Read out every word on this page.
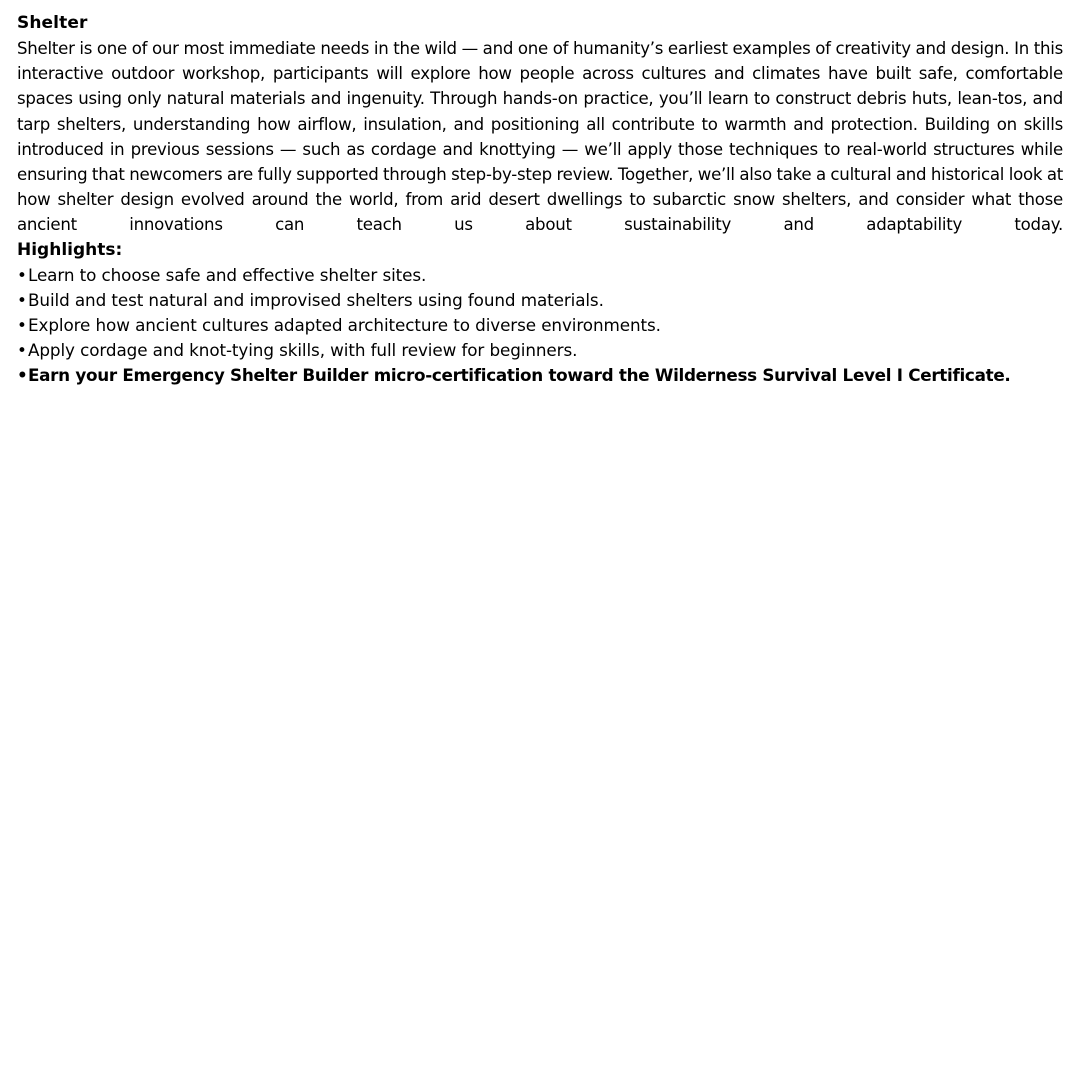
Shelter

Shelter is one of our most immediate needs in the wild — and one of humanity’s earliest examples of creativity and design. In this interactive outdoor workshop, participants will explore how people across cultures and climates have built safe, comfortable spaces using only natural materials and ingenuity. Through hands-on practice, you’ll learn to construct debris huts, lean-tos, and tarp shelters, understanding how airflow, insulation, and positioning all contribute to warmth and protection. Building on skills introduced in previous sessions — such as cordage and knottying — we’ll apply those techniques to real-world structures while ensuring that newcomers are fully supported through step-by-step review. Together, we’ll also take a cultural and historical look at how shelter design evolved around the world, from arid desert dwellings to subarctic snow shelters, and consider what those ancient innovations can teach us about sustainability and adaptability today.

Highlights:
•Learn to choose safe and effective shelter sites.
•Build and test natural and improvised shelters using found materials.
•Explore how ancient cultures adapted architecture to diverse environments.
•Apply cordage and knot-tying skills, with full review for beginners.
•Earn your Emergency Shelter Builder micro-certification toward the Wilderness Survival Level I Certificate.
